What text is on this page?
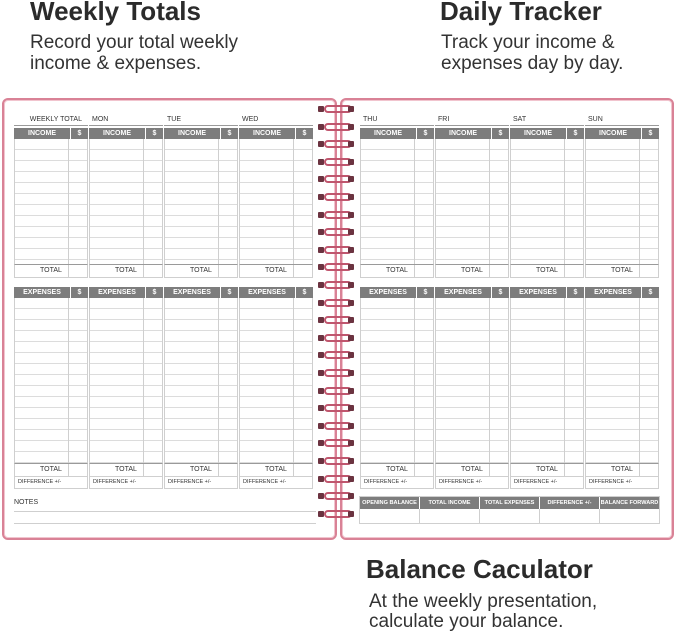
Weekly Totals
Record your total weekly
income & expenses.
Daily Tracker
Track your income &
expenses day by day.
Balance Caculator
At the weekly presentation,
calculate your balance.
WEEKLY TOTAL
INCOME	$
TOTAL
EXPENSES	$
TOTAL
DIFFERENCE +/-
MON
INCOME	$
TOTAL
EXPENSES	$
TOTAL
DIFFERENCE +/-
TUE
INCOME	$
TOTAL
EXPENSES	$
TOTAL
DIFFERENCE +/-
WED
INCOME	$
TOTAL
EXPENSES	$
TOTAL
DIFFERENCE +/-
THU
INCOME	$
TOTAL
EXPENSES	$
TOTAL
DIFFERENCE +/-
FRI
INCOME	$
TOTAL
EXPENSES	$
TOTAL
DIFFERENCE +/-
SAT
INCOME	$
TOTAL
EXPENSES	$
TOTAL
DIFFERENCE +/-
SUN
INCOME	$
TOTAL
EXPENSES	$
TOTAL
DIFFERENCE +/-
NOTES	OPENING BALANCE	TOTAL INCOME	TOTAL EXPENSES	DIFFERENCE +/-	BALANCE FORWARD
